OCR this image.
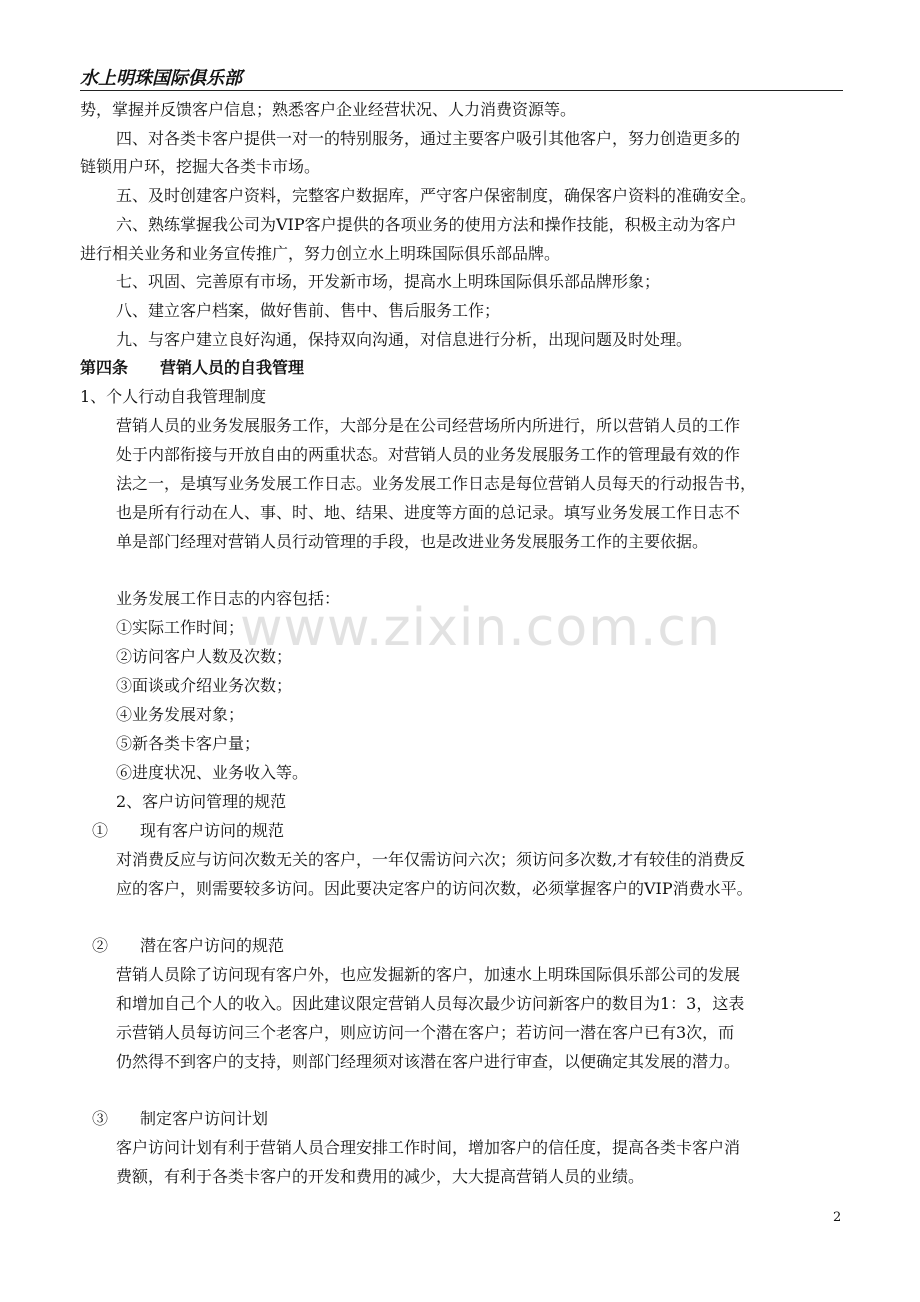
水上明珠国际俱乐部
www.zixin.com.cn
势，掌握并反馈客户信息；熟悉客户企业经营状况、人力消费资源等。
四、对各类卡客户提供一对一的特别服务，通过主要客户吸引其他客户，努力创造更多的
链锁用户环，挖掘大各类卡市场。
五、及时创建客户资料，完整客户数据库，严守客户保密制度，确保客户资料的准确安全。
六、熟练掌握我公司为VIP客户提供的各项业务的使用方法和操作技能，积极主动为客户
进行相关业务和业务宣传推广，努力创立水上明珠国际俱乐部品牌。
七、巩固、完善原有市场，开发新市场，提高水上明珠国际俱乐部品牌形象；
八、建立客户档案，做好售前、售中、售后服务工作；
九、与客户建立良好沟通，保持双向沟通，对信息进行分析，出现问题及时处理。
第四条　　营销人员的自我管理
1、个人行动自我管理制度
营销人员的业务发展服务工作，大部分是在公司经营场所内所进行，所以营销人员的工作
处于内部衔接与开放自由的两重状态。对营销人员的业务发展服务工作的管理最有效的作
法之一，是填写业务发展工作日志。业务发展工作日志是每位营销人员每天的行动报告书，
也是所有行动在人、事、时、地、结果、进度等方面的总记录。填写业务发展工作日志不
单是部门经理对营销人员行动管理的手段，也是改进业务发展服务工作的主要依据。
业务发展工作日志的内容包括：
①实际工作时间；
②访问客户人数及次数；
③面谈或介绍业务次数；
④业务发展对象；
⑤新各类卡客户量；
⑥进度状况、业务收入等。
2、客户访问管理的规范
①　　现有客户访问的规范
对消费反应与访问次数无关的客户，一年仅需访问六次；须访问多次数,才有较佳的消费反
应的客户，则需要较多访问。因此要决定客户的访问次数，必须掌握客户的VIP消费水平。
②　　潜在客户访问的规范
营销人员除了访问现有客户外，也应发掘新的客户，加速水上明珠国际俱乐部公司的发展
和增加自己个人的收入。因此建议限定营销人员每次最少访问新客户的数目为1：3，这表
示营销人员每访问三个老客户，则应访问一个潜在客户；若访问一潜在客户已有3次，而
仍然得不到客户的支持，则部门经理须对该潜在客户进行审查，以便确定其发展的潜力。
③　　制定客户访问计划
客户访问计划有利于营销人员合理安排工作时间，增加客户的信任度，提高各类卡客户消
费额，有利于各类卡客户的开发和费用的减少，大大提高营销人员的业绩。
2
